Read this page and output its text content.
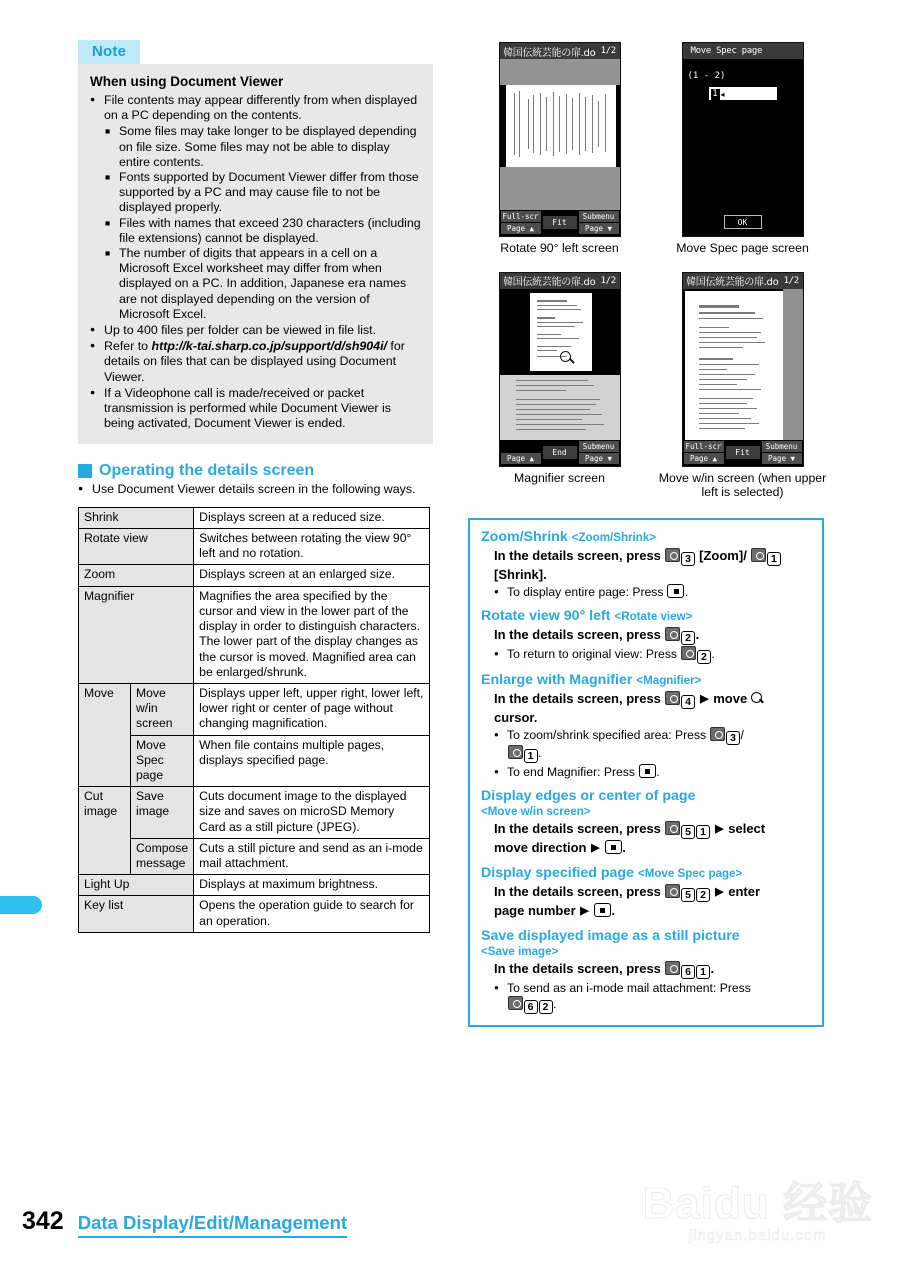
Note
When using Document Viewer
● File contents may appear differently from when displayed on a PC depending on the contents.
■ Some files may take longer to be displayed depending on file size. Some files may not be able to display entire contents.
■ Fonts supported by Document Viewer differ from those supported by a PC and may cause file to not be displayed properly.
■ Files with names that exceed 230 characters (including file extensions) cannot be displayed.
■ The number of digits that appears in a cell on a Microsoft Excel worksheet may differ from when displayed on a PC. In addition, Japanese era names are not displayed depending on the version of Microsoft Excel.
● Up to 400 files per folder can be viewed in file list.
● Refer to http://k-tai.sharp.co.jp/support/d/sh904i/ for details on files that can be displayed using Document Viewer.
● If a Videophone call is made/received or packet transmission is performed while Document Viewer is being activated, Document Viewer is ended.
Operating the details screen
● Use Document Viewer details screen in the following ways.
Shrink		Displays screen at a reduced size.
Rotate view		Switches between rotating the view 90° left and no rotation.
Zoom		Displays screen at an enlarged size.
Magnifier		Magnifies the area specified by the cursor and view in the lower part of the display in order to distinguish characters. The lower part of the display changes as the cursor is moved. Magnified area can be enlarged/shrunk.
Move	Move w/in screen	Displays upper left, upper right, lower left, lower right or center of page without changing magnification.
	Move Spec page	When file contains multiple pages, displays specified page.
Cut image	Save image	Cuts document image to the displayed size and saves on microSD Memory Card as a still picture (JPEG).
	Compose message	Cuts a still picture and send as an i-mode mail attachment.
Light Up		Displays at maximum brightness.
Key list		Opens the operation guide to search for an operation.
韓国伝統芸能の扉.do
1/2
Full-scr
Page ▲
Fit
Submenu
Page ▼
Rotate 90° left screen
Move Spec page
(1 - 2)
1 ◂
OK
Move Spec page screen
韓国伝統芸能の扉.do
1/2
Page ▲
End
Submenu
Page ▼
Magnifier screen
韓国伝統芸能の扉.do
1/2
Full-scr
Page ▲
Fit
Submenu
Page ▼
Move w/in screen (when upper left is selected)
Zoom/Shrink <Zoom/Shrink>
In the details screen, press 3 [Zoom]/ 1 [Shrink].
● To display entire page: Press .
Rotate view 90° left <Rotate view>
In the details screen, press 2 .
● To return to original view: Press 2 .
Enlarge with Magnifier <Magnifier>
In the details screen, press 4 ▶ move
cursor.
● To zoom/shrink specified area: Press 3 /
1 .
● To end Magnifier: Press .
Display edges or center of page
<Move w/in screen>
In the details screen, press 5 1 ▶ select
move direction ▶ .
Display specified page <Move Spec page>
In the details screen, press 5 2 ▶ enter
page number ▶ .
Save displayed image as a still picture
<Save image>
In the details screen, press 6 1 .
● To send as an i-mode mail attachment: Press
6 2 .
342 Data Display/Edit/Management	Baidu 经验
jingyan.baidu.com
